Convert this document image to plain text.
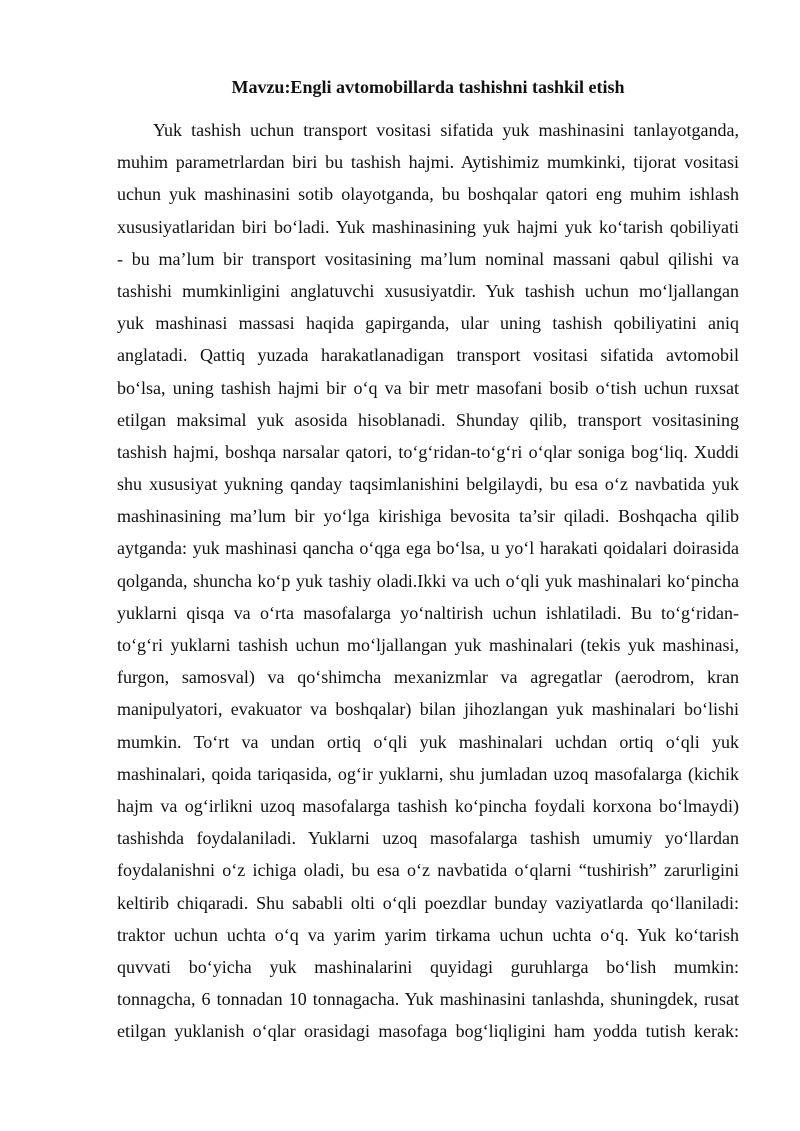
Mavzu:Engli avtomobillarda tashishni tashkil etish
Yuk tashish uchun transport vositasi sifatida yuk mashinasini tanlayotganda,
muhim parametrlardan biri bu tashish hajmi. Aytishimiz mumkinki, tijorat vositasi
uchun yuk mashinasini sotib olayotganda, bu boshqalar qatori eng muhim ishlash
xususiyatlaridan biri bo‘ladi. Yuk mashinasining yuk hajmi yuk ko‘tarish qobiliyati
- bu ma’lum bir transport vositasining ma’lum nominal massani qabul qilishi va
tashishi mumkinligini anglatuvchi xususiyatdir. Yuk tashish uchun mo‘ljallangan
yuk mashinasi massasi haqida gapirganda, ular uning tashish qobiliyatini aniq
anglatadi. Qattiq yuzada harakatlanadigan transport vositasi sifatida avtomobil
bo‘lsa, uning tashish hajmi bir o‘q va bir metr masofani bosib o‘tish uchun ruxsat
etilgan maksimal yuk asosida hisoblanadi. Shunday qilib, transport vositasining
tashish hajmi, boshqa narsalar qatori, to‘g‘ridan-to‘g‘ri o‘qlar soniga bog‘liq. Xuddi
shu xususiyat yukning qanday taqsimlanishini belgilaydi, bu esa o‘z navbatida yuk
mashinasining ma’lum bir yo‘lga kirishiga bevosita ta’sir qiladi. Boshqacha qilib
aytganda: yuk mashinasi qancha o‘qga ega bo‘lsa, u yo‘l harakati qoidalari doirasida
qolganda, shuncha ko‘p yuk tashiy oladi.Ikki va uch o‘qli yuk mashinalari ko‘pincha
yuklarni qisqa va o‘rta masofalarga yo‘naltirish uchun ishlatiladi. Bu to‘g‘ridan-
to‘g‘ri yuklarni tashish uchun mo‘ljallangan yuk mashinalari (tekis yuk mashinasi,
furgon, samosval) va qo‘shimcha mexanizmlar va agregatlar (aerodrom, kran
manipulyatori, evakuator va boshqalar) bilan jihozlangan yuk mashinalari bo‘lishi
mumkin. To‘rt va undan ortiq o‘qli yuk mashinalari uchdan ortiq o‘qli yuk
mashinalari, qoida tariqasida, og‘ir yuklarni, shu jumladan uzoq masofalarga (kichik
hajm va og‘irlikni uzoq masofalarga tashish ko‘pincha foydali korxona bo‘lmaydi)
tashishda foydalaniladi. Yuklarni uzoq masofalarga tashish umumiy yo‘llardan
foydalanishni o‘z ichiga oladi, bu esa o‘z navbatida o‘qlarni “tushirish” zarurligini
keltirib chiqaradi. Shu sababli olti o‘qli poezdlar bunday vaziyatlarda qo‘llaniladi:
traktor uchun uchta o‘q va yarim yarim tirkama uchun uchta o‘q. Yuk ko‘tarish
quvvati bo‘yicha yuk mashinalarini quyidagi guruhlarga bo‘lish mumkin:
tonnagcha, 6 tonnadan 10 tonnagacha. Yuk mashinasini tanlashda, shuningdek, rusat
etilgan yuklanish o‘qlar orasidagi masofaga bog‘liqligini ham yodda tutish kerak:
